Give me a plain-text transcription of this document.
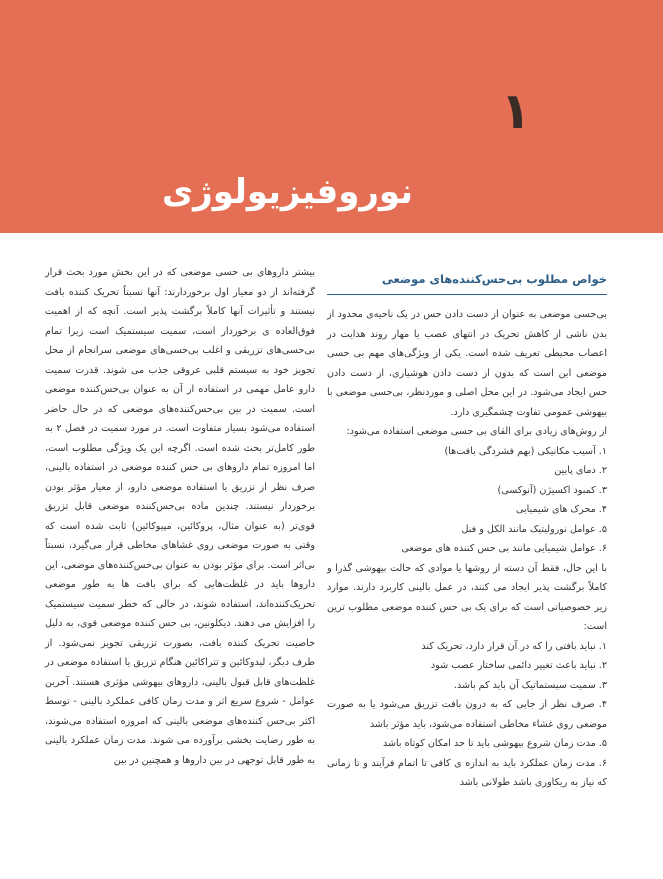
۱
نوروفیزیولوژی
خواص مطلوب بی‌حس‌کننده‌های موضعی

بی‌حسی موضعی به عنوان از دست دادن حس در یک ناحیه‌ی محدود از بدن ناشی از کاهش تحریک در انتهای عصب یا مهار روند هدایت در اعصاب محیطی تعریف شده است. یکی از ویژگی‌های مهم بی حسی موضعی این است که بدون از دست دادن هوشیاری، از دست دادن حس ایجاد می‌شود. در این محل اصلی و موردنظر، بی‌حسی موضعی با بیهوشی عمومی تفاوت چشمگیری دارد.

از روش‌های زیادی برای القای بی حسی موضعی استفاده می‌شود:

۱. آسیب مکانیکی (بهم فشردگی بافت‌ها)

۲. دمای پایین

۳. کمبود اکسیژن (آنوکسی)

۴. محرک های شیمیایی

۵. عوامل نورولیتیک مانند الکل و فنل

۶. عوامل شیمیایی مانند بی حس کننده های موضعی

با این حال، فقط آن دسته از روشها یا موادی که حالت بیهوشی گذرا و کاملاً برگشت پذیر ایجاد می کنند، در عمل بالینی کاربرد دارند. موارد زیر خصوصیاتی است که برای یک بی حس کننده موضعی مطلوب ترین است:

۱. نباید بافتی را که در آن قرار دارد، تحریک کند

۲. نباید باعث تغییر دائمی ساختار عصب شود

۳. سمیت سیستماتیک آن باید کم باشد.

۴. صرف نظر از جایی که به درون بافت تزریق می‌شود یا به صورت موضعی روی غشاء مخاطی استفاده می‌شود، باید مؤثر باشد

۵. مدت زمان شروع بیهوشی باید تا حد امکان کوتاه باشد

۶. مدت زمان عملکرد باید به اندازه ی کافی تا اتمام فرآیند و تا زمانی که نیاز به ریکاوری باشد طولانی باشد

بیشتر داروهای بی حسی موضعی که در این بخش مورد بحث قرار گرفته‌اند از دو معیار اول برخوردارند: آنها نسبتاً تحریک کننده بافت نیستند و تأثیرات آنها کاملاً برگشت پذیر است. آنچه که از اهمیت فوق‌العاده ی برخوردار است، سمیت سیستمیک است زیرا تمام بی‌حسی‌های تزریقی و اغلب بی‌حسی‌های موضعی سرانجام از محل تجویز خود به سیستم قلبی عروقی جذب می شوند. قدرت سمیت دارو عامل مهمی در استفاده از آن به عنوان بی‌حس‌کننده موضعی است. سمیت در بین بی‌حس‌کننده‌های موضعی که در حال حاضر استفاده می‌شود بسیار متفاوت است. در مورد سمیت در فصل ۲ به طور کامل‌تر بحث شده است. اگرچه این یک ویژگی مطلوب است، اما امروزه تمام داروهای بی حس کننده موضعی در استفاده بالینی، صرف نظر از تزریق یا استفاده موضعی دارو، از معیار مؤثر بودن برخوردار نیستند. چندین ماده بی‌حس‌کننده موضعی قابل تزریق قوی‌تر (به عنوان مثال، پروکائین، مپیوکائین) ثابت شده است که وقتی به صورت موضعی روی غشاهای مخاطی قرار می‌گیرد، نسبتاً بی‌اثر است. برای مؤثر بودن به عنوان بی‌حس‌کننده‌های موضعی، این داروها باید در غلظت‌هایی که برای بافت ها به طور موضعی تحریک‌کننده‌اند، استفاده شوند، در حالی که خطر سمیت سیستمیک را افزایش می دهند. دیکلونین، بی حس کننده موضعی قوی، به دلیل خاصیت تحریک کننده بافت، بصورت تزریقی تجویز نمی‌شود. از طرف دیگر، لیدوکائین و تتراکائین هنگام تزریق یا استفاده موضعی در غلظت‌های قابل قبول بالینی، داروهای بیهوشی مؤثری هستند. آخرین عوامل - شروع سریع اثر و مدت زمان کافی عملکرد بالینی - توسط اکثر بی‌حس کننده‌های موضعی بالینی که امروزه استفاده می‌شوند، به طور رضایت بخشی برآورده می شوند. مدت زمان عملکرد بالینی به طور قابل توجهی در بین داروها و همچنین در بین
